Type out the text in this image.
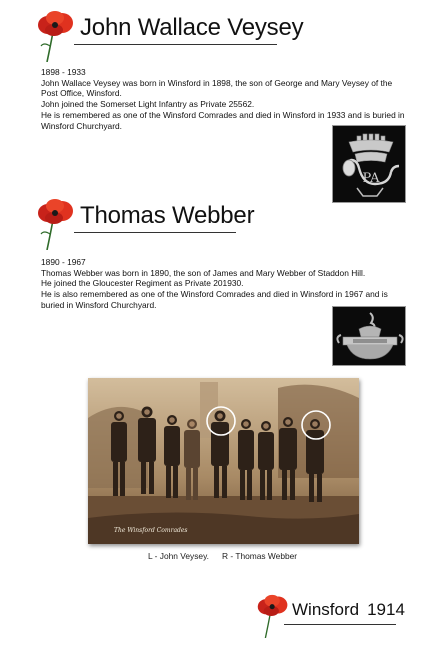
John Wallace Veysey
1898 - 1933
John Wallace Veysey was born in Winsford in 1898, the son of George and Mary Veysey of the Post Office, Winsford.
John joined the Somerset Light Infantry as Private 25562.
He is remembered as one of the Winsford Comrades and died in Winsford in 1933 and is buried in Winsford Churchyard.
PA
Thomas Webber
1890 - 1967
Thomas Webber was born in 1890, the son of James and Mary Webber of Staddon Hill.
He joined the Gloucester Regiment as Private 201930.
He is also remembered as one of the Winsford Comrades and died in Winsford in 1967 and is buried in Winsford Churchyard.
The Winsford Comrades
L - John Veysey. R - Thomas Webber
Winsford 1914
